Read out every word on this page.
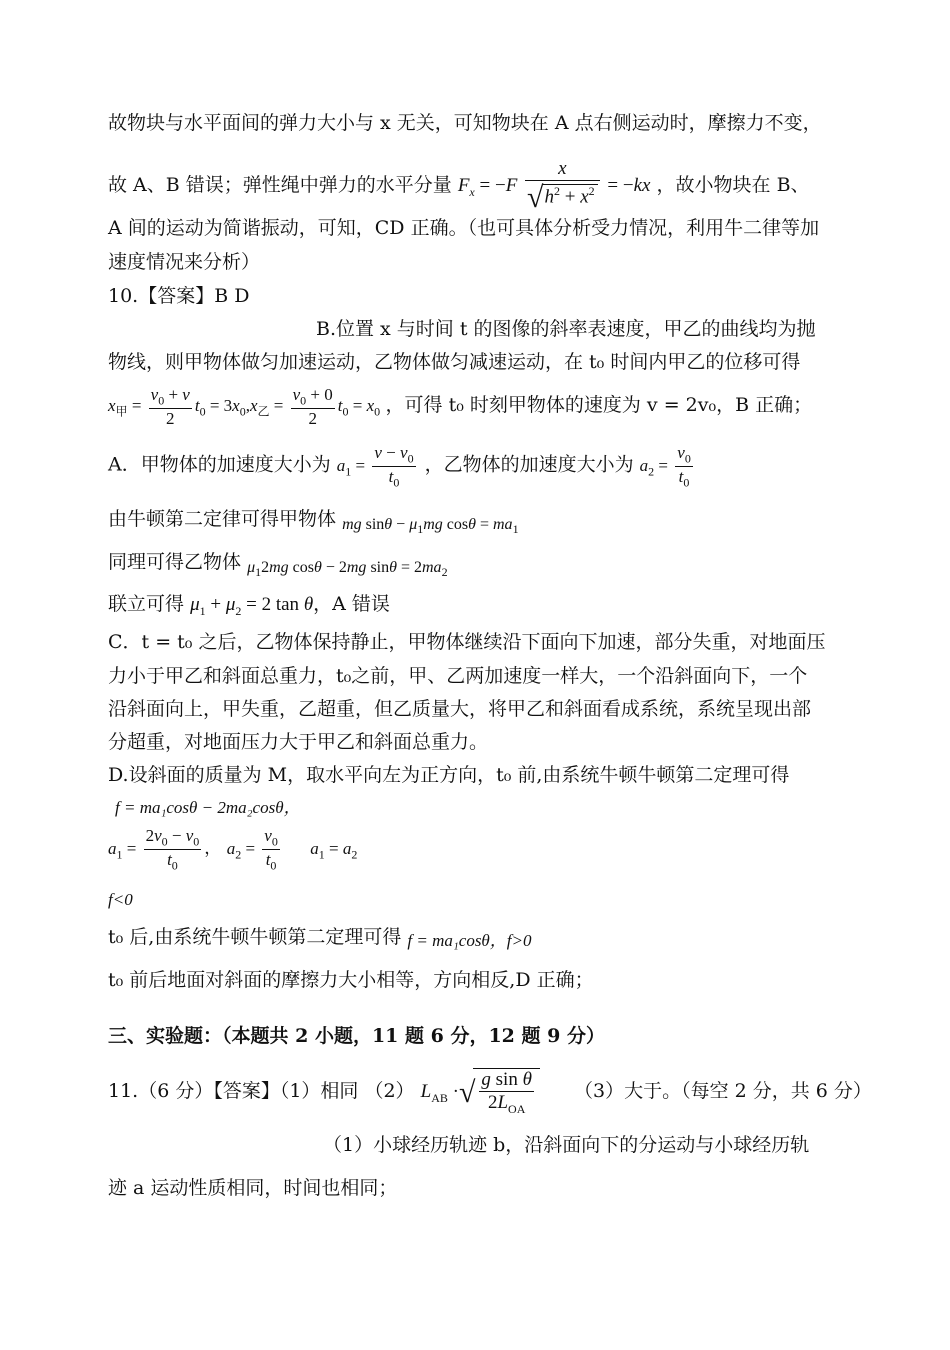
故物块与水平面间的弹力大小与 x 无关，可知物块在 A 点右侧运动时，摩擦力不变，
故 A、B 错误；弹性绳中弹力的水平分量 $F_x = -F \frac{x}{√h^2 + x^2} = -kx$ ，故小物块在 B、
A 间的运动为简谐振动，可知，CD 正确。（也可具体分析受力情况，利用牛二律等加
速度情况来分析）
10.【答案】B D
B.位置 x 与时间 t 的图像的斜率表速度，甲乙的曲线均为抛
物线，则甲物体做匀加速运动，乙物体做匀减速运动，在 t₀ 时间内甲乙的位移可得
$x_甲 = \frac{v_0 + v}{2} t_0 = 3x_0,x_乙 = \frac{v_0 + 0}{2} t_0 = x_0$ ，可得 t₀ 时刻甲物体的速度为 v = 2v₀，B 正确；
A．甲物体的加速度大小为 $a_1 = \frac{v - v_0}{t_0}$ ，乙物体的加速度大小为 $a_2 = \frac{v_0}{t_0}$
由牛顿第二定律可得甲物体 $_{mg sin\theta - \mu_1mg cos\theta = ma_1}$
同理可得乙物体 $_{\mu_12mg cos\theta - 2mg sin\theta = 2ma_2}$
联立可得 $\mu_1 + \mu_2 = 2$ tan θ，A 错误
C．t = t₀ 之后，乙物体保持静止，甲物体继续沿下面向下加速，部分失重，对地面压
力小于甲乙和斜面总重力，t₀之前，甲、乙两加速度一样大，一个沿斜面向下，一个
沿斜面向上，甲失重，乙超重，但乙质量大，将甲乙和斜面看成系统，系统呈现出部
分超重，对地面压力大于甲乙和斜面总重力。
D.设斜面的质量为 M，取水平向左为正方向，t₀ 前,由系统牛顿牛顿第二定理可得
f = ma₁cosθ − 2ma₂cosθ，
$a_1 = \frac{2v_0 - v_0}{t_0}$ ， $a_2 = \frac{v_0}{t_0} a_1 = a_2$
f<0
t₀ 后,由系统牛顿牛顿第二定理可得 f = ma₁cosθ，f>0
t₀ 前后地面对斜面的摩擦力大小相等，方向相反,D 正确；
三、实验题：（本题共 2 小题，11 题 6 分，12 题 9 分）
11.（6 分）【答案】（1）相同 （2） $L_{AB}$ ·√ $\frac{\text{g sin θ}}{2L_{OA}} (3)$大于。（每空 2 分，共 6 分）
（1）小球经历轨迹 b，沿斜面向下的分运动与小球经历轨
迹 a 运动性质相同，时间也相同；
